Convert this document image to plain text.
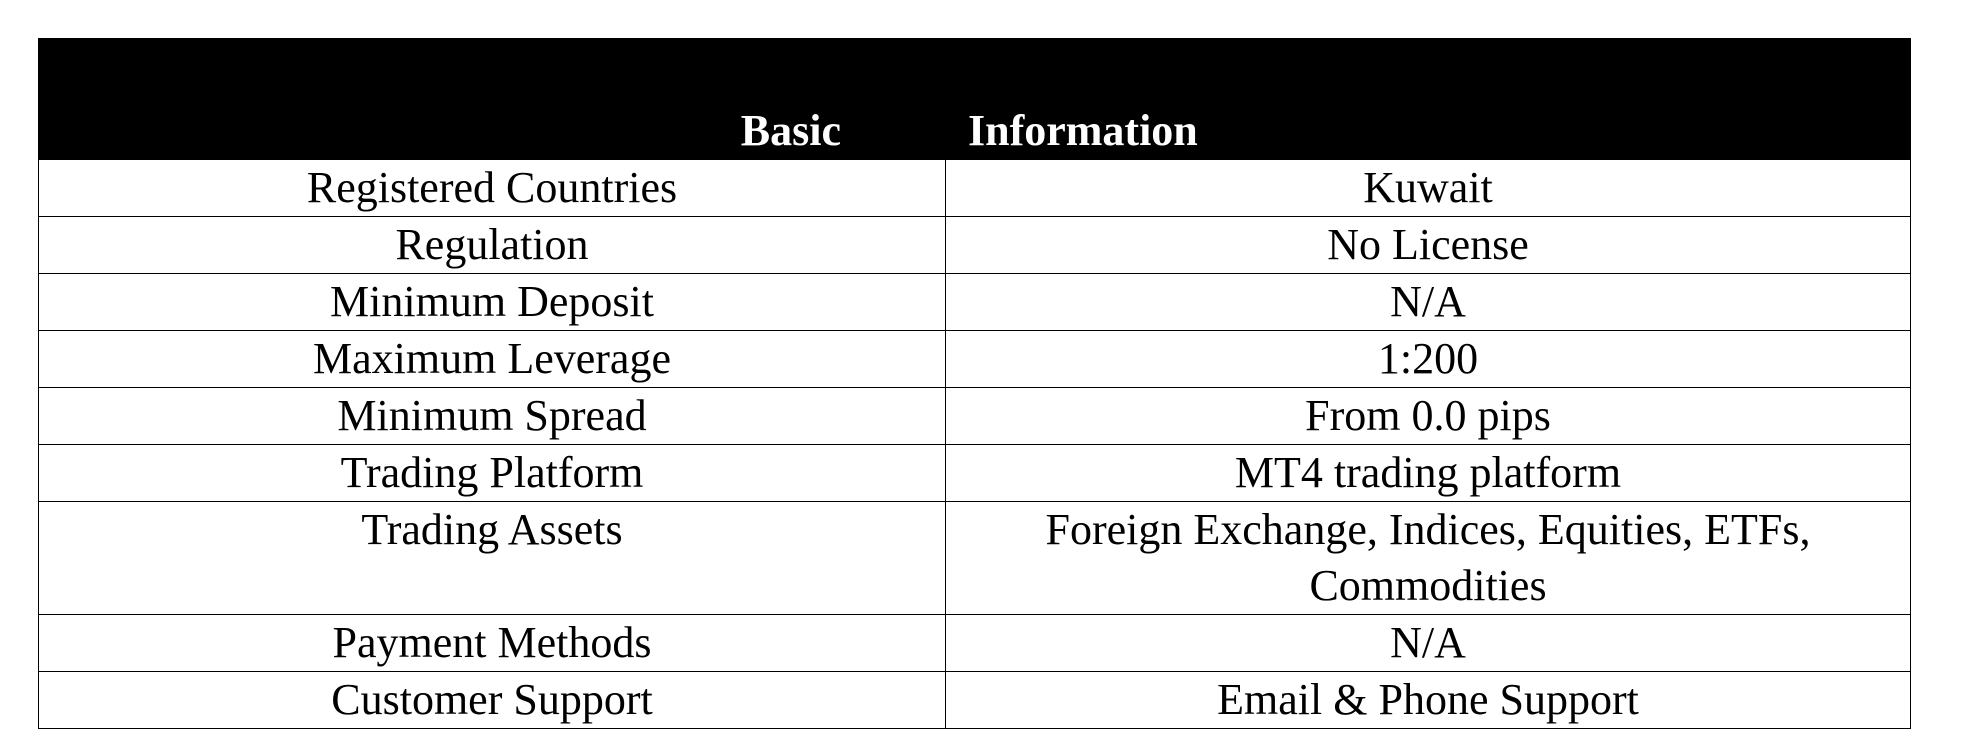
Basic	Information
Registered Countries	Kuwait
Regulation	No License
Minimum Deposit	N/A
Maximum Leverage	1:200
Minimum Spread	From 0.0 pips
Trading Platform	MT4 trading platform
Trading Assets	Foreign Exchange, Indices, Equities, ETFs, Commodities
Payment Methods	N/A
Customer Support	Email & Phone Support
